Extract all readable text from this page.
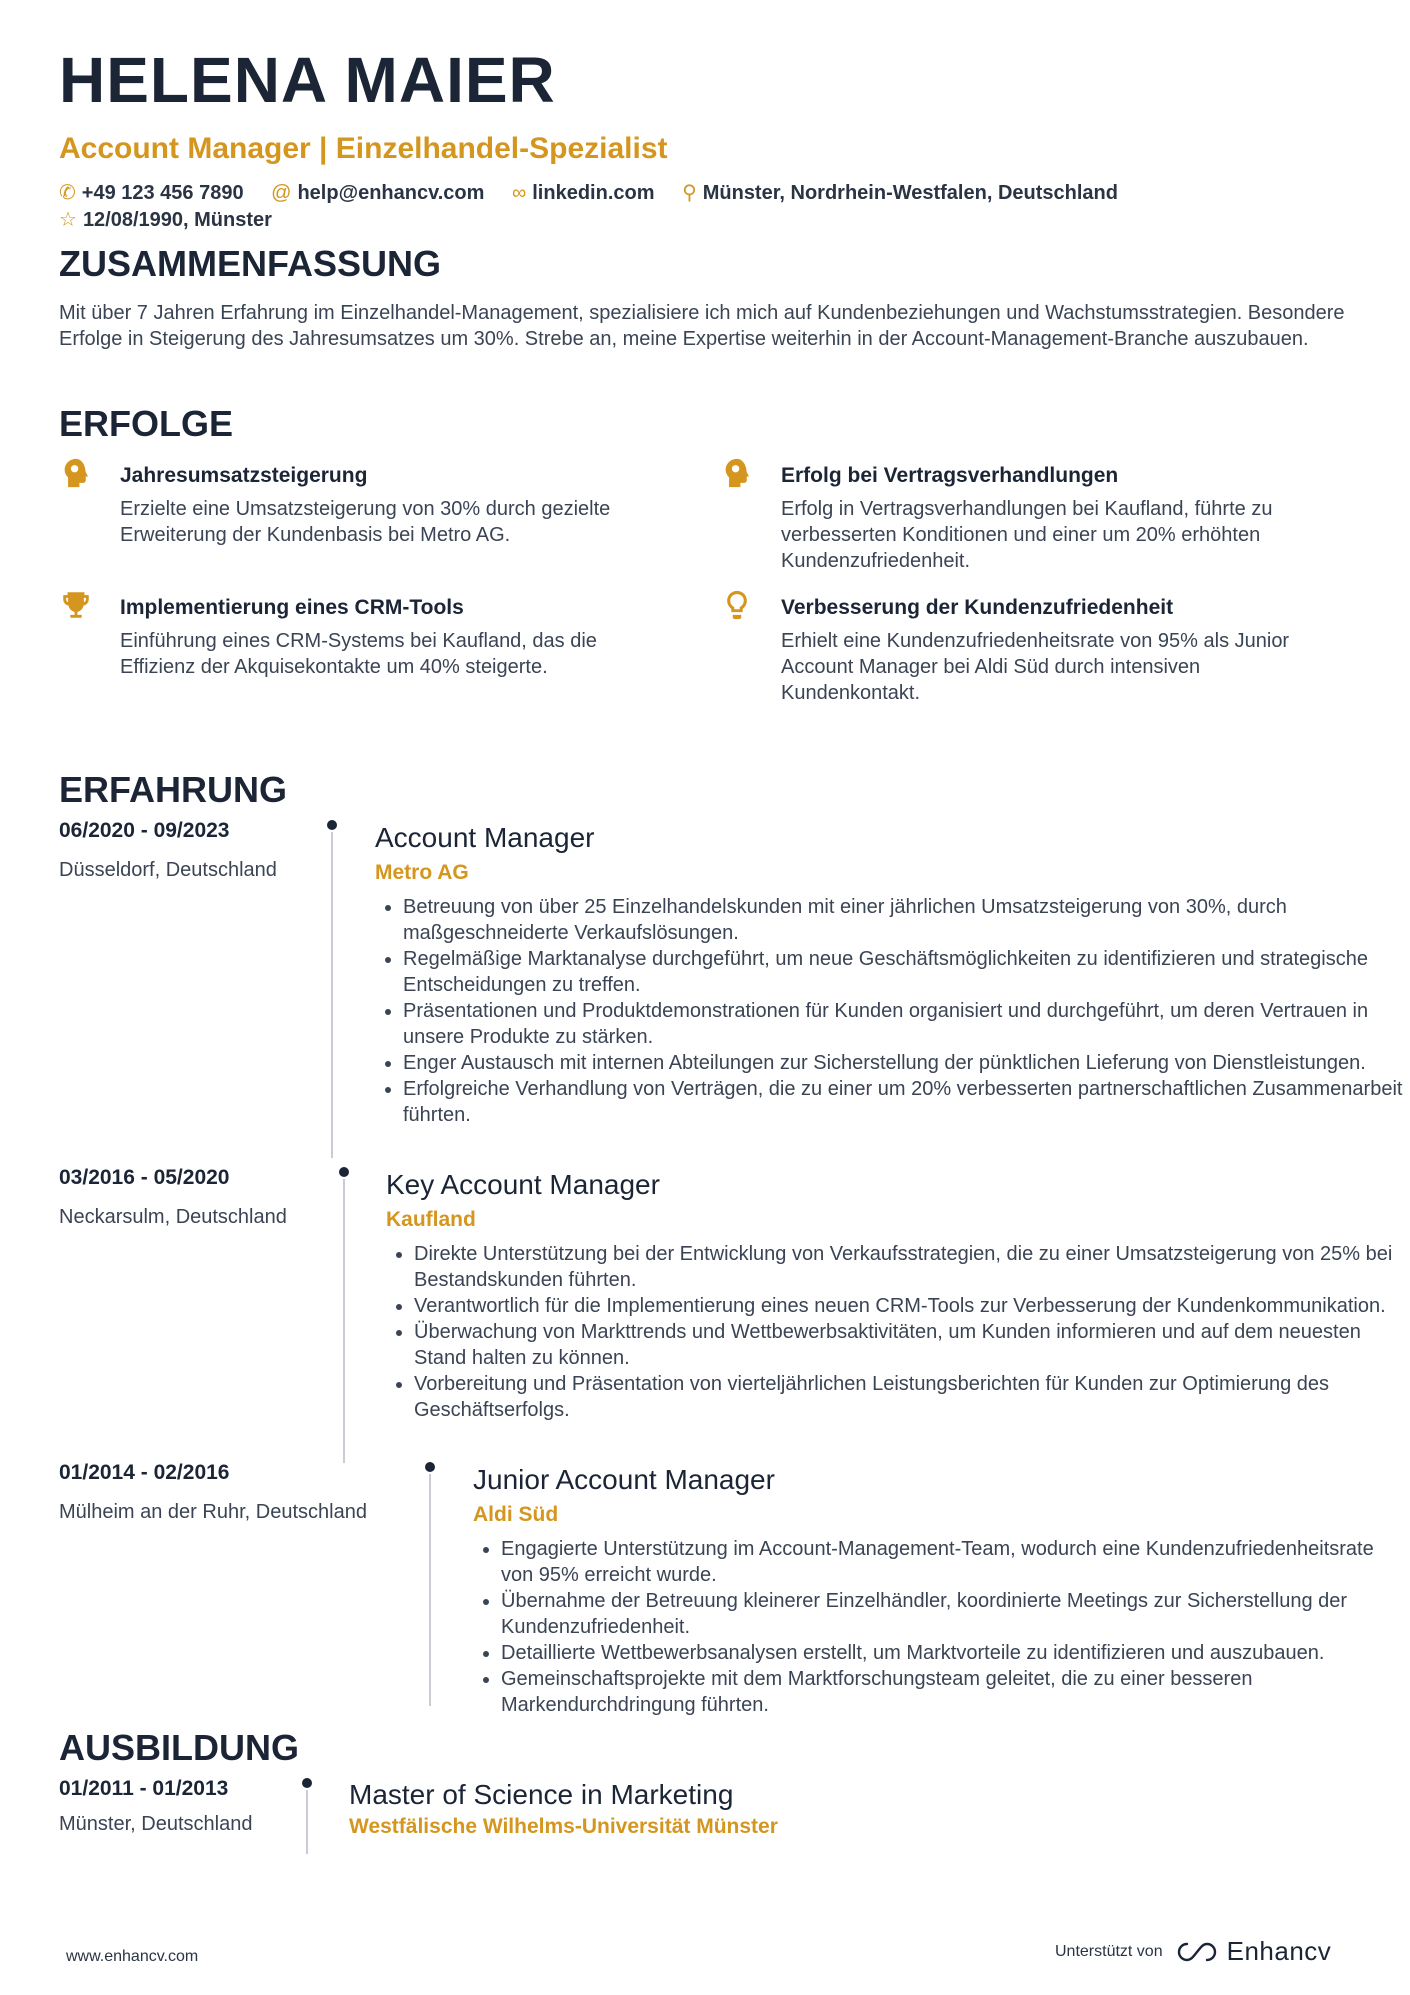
HELENA MAIER
Account Manager | Einzelhandel-Spezialist
✆ +49 123 456 7890 @ help@enhancv.com ∞ linkedin.com ⚲ Münster, Nordrhein-Westfalen, Deutschland
☆ 12/08/1990, Münster
ZUSAMMENFASSUNG
Mit über 7 Jahren Erfahrung im Einzelhandel-Management, spezialisiere ich mich auf Kundenbeziehungen und Wachstumsstrategien. Besondere Erfolge in Steigerung des Jahresumsatzes um 30%. Strebe an, meine Expertise weiterhin in der Account-Management-Branche auszubauen.
ERFOLGE
Jahresumsatzsteigerung
Erzielte eine Umsatzsteigerung von 30% durch gezielte Erweiterung der Kundenbasis bei Metro AG.
Erfolg bei Vertragsverhandlungen
Erfolg in Vertragsverhandlungen bei Kaufland, führte zu verbesserten Konditionen und einer um 20% erhöhten Kundenzufriedenheit.
Implementierung eines CRM-Tools
Einführung eines CRM-Systems bei Kaufland, das die Effizienz der Akquisekontakte um 40% steigerte.
Verbesserung der Kundenzufriedenheit
Erhielt eine Kundenzufriedenheitsrate von 95% als Junior Account Manager bei Aldi Süd durch intensiven Kundenkontakt.
ERFAHRUNG
06/2020 - 09/2023
Düsseldorf, Deutschland
Account Manager
Metro AG
• Betreuung von über 25 Einzelhandelskunden mit einer jährlichen Umsatzsteigerung von 30%, durch maßgeschneiderte Verkaufslösungen.
• Regelmäßige Marktanalyse durchgeführt, um neue Geschäftsmöglichkeiten zu identifizieren und strategische Entscheidungen zu treffen.
• Präsentationen und Produktdemonstrationen für Kunden organisiert und durchgeführt, um deren Vertrauen in unsere Produkte zu stärken.
• Enger Austausch mit internen Abteilungen zur Sicherstellung der pünktlichen Lieferung von Dienstleistungen.
• Erfolgreiche Verhandlung von Verträgen, die zu einer um 20% verbesserten partnerschaftlichen Zusammenarbeit führten.
03/2016 - 05/2020
Neckarsulm, Deutschland
Key Account Manager
Kaufland
• Direkte Unterstützung bei der Entwicklung von Verkaufsstrategien, die zu einer Umsatzsteigerung von 25% bei Bestandskunden führten.
• Verantwortlich für die Implementierung eines neuen CRM-Tools zur Verbesserung der Kundenkommunikation.
• Überwachung von Markttrends und Wettbewerbsaktivitäten, um Kunden informieren und auf dem neuesten Stand halten zu können.
• Vorbereitung und Präsentation von vierteljährlichen Leistungsberichten für Kunden zur Optimierung des Geschäftserfolgs.
01/2014 - 02/2016
Mülheim an der Ruhr, Deutschland
Junior Account Manager
Aldi Süd
• Engagierte Unterstützung im Account-Management-Team, wodurch eine Kundenzufriedenheitsrate von 95% erreicht wurde.
• Übernahme der Betreuung kleinerer Einzelhändler, koordinierte Meetings zur Sicherstellung der Kundenzufriedenheit.
• Detaillierte Wettbewerbsanalysen erstellt, um Marktvorteile zu identifizieren und auszubauen.
• Gemeinschaftsprojekte mit dem Marktforschungsteam geleitet, die zu einer besseren Markendurchdringung führten.
AUSBILDUNG
01/2011 - 01/2013
Münster, Deutschland
Master of Science in Marketing
Westfälische Wilhelms-Universität Münster
www.enhancv.com	Unterstützt von Enhancv
